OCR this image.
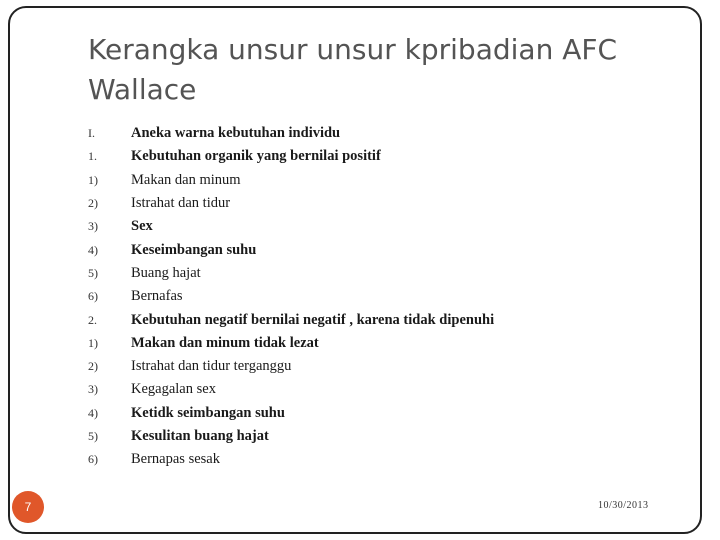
Kerangka unsur unsur kpribadian AFC Wallace
I.	Aneka warna kebutuhan individu
1.	Kebutuhan organik yang bernilai positif
1)	Makan dan minum
2)	Istrahat dan tidur
3)	Sex
4)	Keseimbangan suhu
5)	Buang hajat
6)	Bernafas
2.	Kebutuhan negatif bernilai negatif , karena tidak dipenuhi
1)	Makan dan minum tidak lezat
2)	Istrahat dan tidur terganggu
3)	Kegagalan sex
4)	Ketidk seimbangan suhu
5)	Kesulitan buang hajat
6)	Bernapas sesak
7	10/30/2013
